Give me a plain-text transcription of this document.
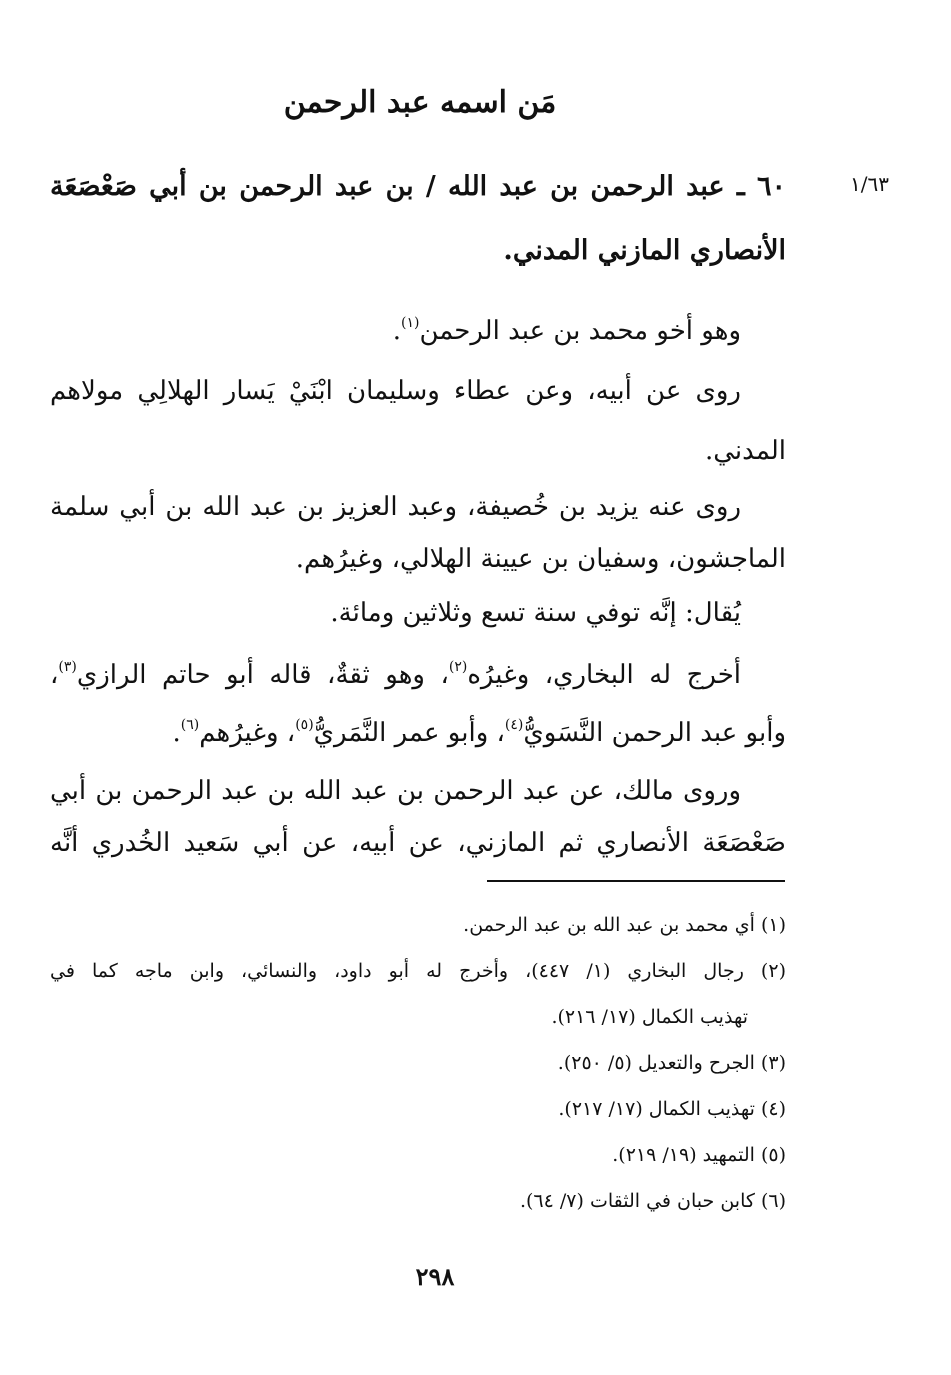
مَن اسمه عبد الرحمن
١/٦٣
٦٠ ـ عبد الرحمن بن عبد الله / بن عبد الرحمن بن أبي صَعْصَعَة
الأنصاري المازني المدني.
وهو أخو محمد بن عبد الرحمن$^{(١)}$.
روى عن أبيه، وعن عطاء وسليمان ابْنَيْ يَسار الهلالِي مولاهم
المدني.
روى عنه يزيد بن خُصيفة، وعبد العزيز بن عبد الله بن أبي سلمة
الماجشون، وسفيان بن عيينة الهلالي، وغيرُهم.
يُقال: إنَّه توفي سنة تسع وثلاثين ومائة.
أخرج له البخاري، وغيرُه$^{(٢)}$، وهو ثقةٌ، قاله أبو حاتم الرازي$^{(٣)}$،
وأبو عبد الرحمن النَّسَويُّ$^{(٤)}$، وأبو عمر النَّمَريُّ$^{(٥)}$، وغيرُهم$^{(٦)}$.
وروى مالك، عن عبد الرحمن بن عبد الله بن عبد الرحمن بن أبي
صَعْصَعَة الأنصاري ثم المازني، عن أبيه، عن أبي سَعيد الخُدري أنَّه
(١) أي محمد بن عبد الله بن عبد الرحمن.
(٢) رجال البخاري (١/ ٤٤٧)، وأخرج له أبو داود، والنسائي، وابن ماجه كما في
تهذيب الكمال (١٧/ ٢١٦).
(٣) الجرح والتعديل (٥/ ٢٥٠).
(٤) تهذيب الكمال (١٧/ ٢١٧).
(٥) التمهيد (١٩/ ٢١٩).
(٦) كابن حبان في الثقات (٧/ ٦٤).
٢٩٨
